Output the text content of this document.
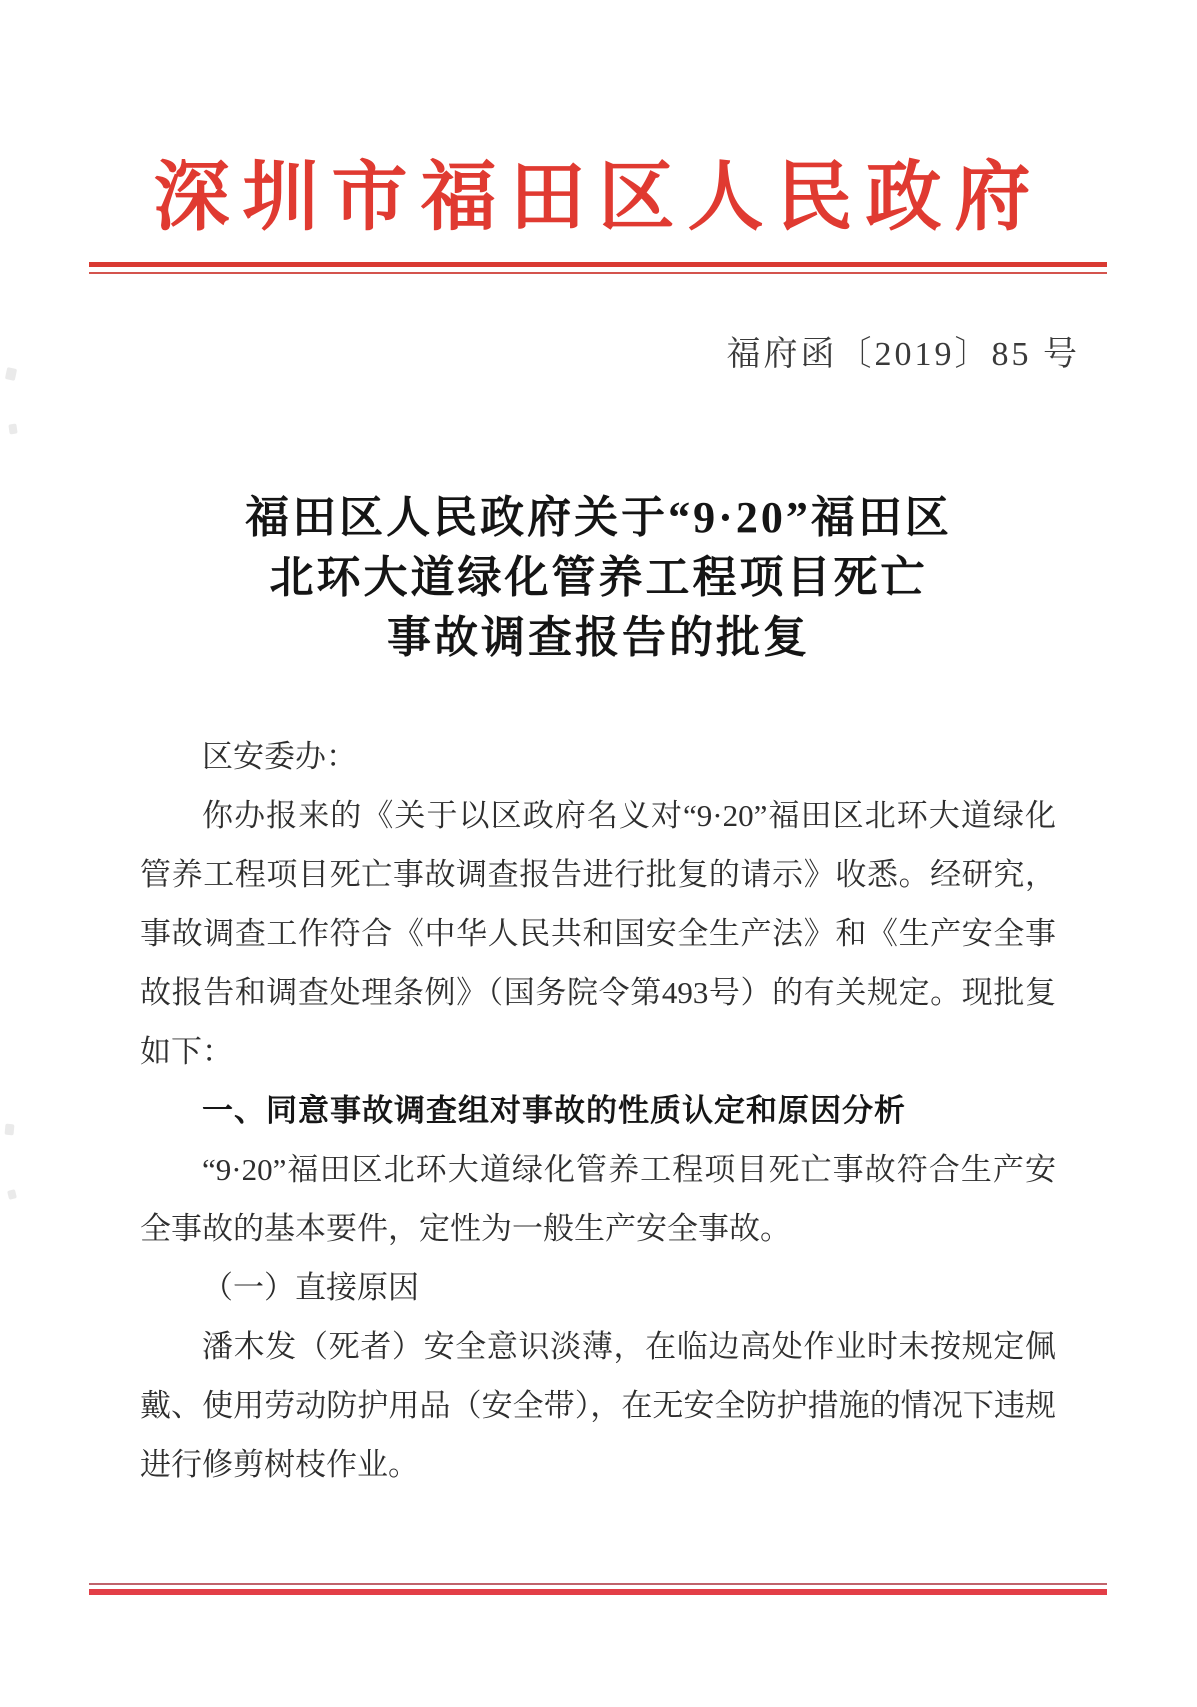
深圳市福田区人民政府
福府函〔2019〕85 号
福田区人民政府关于“9·20”福田区
北环大道绿化管养工程项目死亡
事故调查报告的批复

区安委办：

你办报来的《关于以区政府名义对“9·20”福田区北环大道绿化管养工程项目死亡事故调查报告进行批复的请示》收悉。经研究，事故调查工作符合《中华人民共和国安全生产法》和《生产安全事故报告和调查处理条例》（国务院令第493号）的有关规定。现批复如下：

一、同意事故调查组对事故的性质认定和原因分析

“9·20”福田区北环大道绿化管养工程项目死亡事故符合生产安全事故的基本要件，定性为一般生产安全事故。

（一）直接原因

潘木发（死者）安全意识淡薄，在临边高处作业时未按规定佩戴、使用劳动防护用品（安全带），在无安全防护措施的情况下违规进行修剪树枝作业。
